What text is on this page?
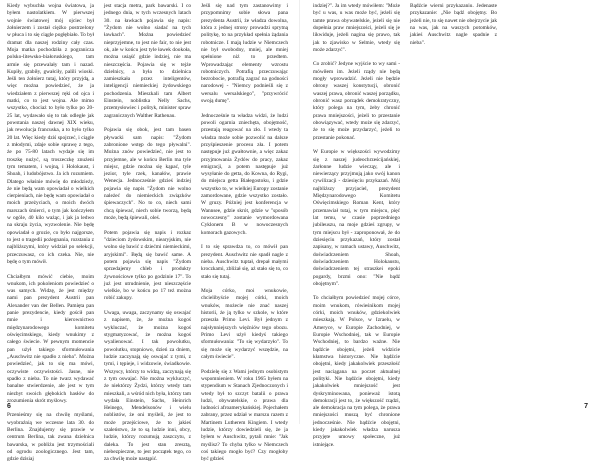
Kiedy wybuchła wojna światowa, ja byłem nastolatkiem. W pierwszej wojnie światowej mój ojciec był żołnierzem i został ciężko postrzelony w płuca i to się ciągle pogłębiało. To był dramat dla naszej rodziny cały czas. Moja matka pochodziła z pogranicza polsko-litewsko-białoruskiego, tam armie się przewalały tam i nazad. Kupiły, grabiły, gwałciły, palili wioski. Jeśli ten żołnierz tutaj, który przyjdą, a więc można powiedzieć, że ja wiedziałem z pierwszej ręki od ojca i matki, co to jest wojna. Ale mimo wszystko, chociaż to było tylko po 20-25 lat, wydawało się to tak odległe jak powstania naszej dawnej XIX wieku, jak rewolucja francuska, a to było tylko 20 lat. Więc kiedy dziś spojrzeć, i ciągle z młodymi, zdaje sobie sprawę z tego, że po 75-80 latach wydaje się im troszkę nużyć, są troszeczkę znużeni tym tematem, i wojną, i Holokaust, i Shoah, i ludobójstwo. Ja ich rozumiem. Dlatego właśnie mówię do młodzieży, że nie będą wam opowiadał o wielkich cierpieniach, nie będę wam opowiadał o moich przeżyciach, o moich dwóch marszach śmierci, o tym jak kończyłem w ogóle, 40 kilo ważąc, i jak ja ledwo na skraju życia, wyzwolenie. Nie będę opowiadał o grozie, co było najgorsze, to jest o tragedii pożegnania, rozstania z najbliższymi, który widział po selekcji, przeczuwasz, co ich czeka. Nie, nie będę o tym mówił.

Chciałbym mówić ciebie, moim wnukom, ich pokoleniom powiedzieć o was samych. Widzę, że jest między nami pan prezydent Austrii pan Alexander van der Bellen. Pamięta pan panie prezydencie, kiedy gościł pan mnie i kierownictwo międzynarodowego komitetu oświęcimskiego, kiedy wnukimy z całego świecie. W pewnym momencie pan użył takiego sformułowania „Auschwitz nie spadło z nieba". Można powiedzieć, jak to się ma mówi, oczywiste oczywistości. Jasne, nie spadło z nieba. To nie twarz wydawać banalne stwierdzenie, ale jest w tym niezbyt swoich głębokich hasłów do zrozumienia skrót myślowy.

Przenieśmy się na chwilę myślami, wyobraźnią we wczesne lata 30. do Berlina. Znajdujemy się prawie w centrum Berlina, tak zwana dzielnica bawarska, w pobliżu jest trzymościali od ogrodu zoologicznego. Jest tam, gdzie dzisiaj

jest stacja metra, park bawarski. I co jednego dnia, w tych wczesnych latach 30. na ławkach pojawia się napis: "Żydom nie wolno siadać na tych ławkach". Można powiedzieć nieprzyjemne, to jest nie fair, to nie jest ok, ale w końcu jest tyle ławek dookoła, można usiąść gdzie indziej, nie ma nieszczęścia. Pojawia się w tejże dzielnicy, a była to dzielnica zamieszkała przez inteligentów, inteligencji niemieckiej żydowskiego pochodzenia. Mieszkali tam Albert Einstein, noblistka Nelly Sachs, przemysłowiec i polityk, minister spraw zagranicznych Walther Rathenau.

Pojawia się obok, jest tam basen pływacki sam napis: "Żydom zabronione wstęp do tego pływalni". Można znów powiedzieć, nie jest to przyjemne, ale w końcu Berlin ma tyle miejsc, gdzie można się kąpać, tyle jezior, tyle rzek, kanałów, prawie Wenecja. Jednocześnie gdzieś indziej pojawia się napis "Żydom nie wolno należeć do niemieckich związków śpiewaczych". No to co, niech sami chcą śpiewać, niech sobie tworzą, będą może, będą śpiewali, oleś.

Potem pojawia się napis i rozkaz "dzieciom żydowskim, niearyjskim, nie wolno się bawić z dziećmi niemieckimi, aryjskimi". Będą się bawić same. A potem pojawia się napis "Żydom sprzedajemy chleb i produkty żywnościowe tylko po godzinie 17". To już jest utrudnienie, jest nieszczęście wielkie, bo w końcu po 17 też można robić zakupy.

Uwaga, uwaga, zaczynamy się oswajać z napisem, że, że można kogoś wykluczać, że można kogoś stygmatyzować, że można kogoś wyalienować. I tak powolutku, powolutku, stopniowo, dzień za dniem, ludzie zaczynają się oswajać z tymi, z tymi, i tępieje, i widzowie, świadkowie. Wszyscy, którzy to widzą, zaczynają się z tym oswajać. Nie można wykluczyć, że niektórzy Żydzi, którzy wtedy tam mieszkali, a wśród nich była, którzy tam wydała Einstein, Sachs, Heinrich Heinego, Mendelsonów i wielu noblistów, że oni myśleli, że jest to może przejściowe, że to jakieś szaleństwo, że to są ludzie inni, obcy, ludzie, którzy rozumują zaszczytu, z daleka. To jest stan zresztą, niebezpieczne, to jest początek tego, co za chwilę może nastąpić.

Jeśli się nad tym zastanowimy i przypomnimy sobie słowa pana prezydenta Austrii, że władza dowolna, która z jednej strony prowadzi sprytną politykę, to na przykład spełnia żądania robotnicze. I mają ludzie w Niemczech nie był swobodny, mniej, ale mniej spełnione niż to przedtem. Wprowadzając elementy wzrostu robotniczych. Potrafią przeczuwając bezrobocie, potrafią zagrać na godności narodowej - "Niemcy podnieśli się z wersalu wersalskiego", "przywrócić swoją dumę".

Jednocześnie ta władza widzi, że ludzi powoli ogarnia zniechęta, obojętność, przestają reagować na zło. I wtedy ta władza może sobie pozwolić na dalsze przyśpieszenie procesu zła. I potem następuje już gwałtownie, a więc zakaz przyjmowania Żydów do pracy, zakaz emigracji, a potem następuje już wysyłanie do getta, do Kowna, do Rygi, do miejsca getta Białegostoku, i gdzie wszystko to, w wielkiej Europy zostanie zamordowane, gdzie wszystko zostało. W gruzy. Później jest konferencja w Wannsee, gdzie skrót, gdzie w "sposób nowoczesny" zostanie wymordowana Cyklonem B w nowoczesnych komorach gazowych.

I to się sprawdza to, co mówił pan prezydent. Auschwitz nie spadł nagle z nieba. Auschwitz tuptał, drepał małymi kroczkami, zbliżał się, aż stało się to, co stało się tutaj.

Moja córko, moi wnukowie, chcielibyście mojej córki, moich wnuków, możecie nie znać naszej historii, że ją tylko w szkole, w które przeszła Primo Levi. Był jednym z najsłynniejszych więźniów tego obozu. Primo Levi użył kiedyś takiego sformułowania: "To się wydarzyło". To się może się wydarzyć wszędzie, na całym świecie".

Podzielę się z Wami jednym osobistym wspomnieniem. W roku 1965 byłem na stypendium w Stanach Zjednoczonych i wtedy był to szczyt batalii o prawa ludzi, obywatelskie, o prawa dla ludności afroamerykańskiej. Pojechałem zabrany, przez udział w marszu razem z Martinem Lutherem Kingiem. I wtedy ludzie, którzy dowiedzieli się, że ja byłem w Auschwitz, pytali mnie: "Jak myślisz? To chyba tylko w Niemczech coś takiego mogło być? Czy mogłoby być gdzieś

6

indziej?". Ja im wtedy mówiłem: "Może być u was, u was może być, jeżeli się tamte prawa obywatelskie, jeżeli się nie dopełnia praw mniejszości, jeżeli się je likwiduje, jeżeli nagina się prawo, tak jak to zjawisko w Selmie, wtedy się może zdarzyć".

Co zrobić? Jedyne wyjście to wy sami - mówiłem im. Jeżeli rządy nie będą mogły wprowadzić. Jeżeli nie będzie obrony waszej konstytucji, obronić waszej prawa, obronić waszej porządku, obronić wasz porządek demokratyczny, który polega na tym, żeby chronić prawa mniejszości, jeżeli to przestanie obowiązywać, wtedy może się zdarzyć, że to się może przydarzyć, jeżeli to przestanie pokonać.

W Europie w większości wywodzimy się z naszej judeochrześcijańskiej, żarłonne ludzie wiecząy, ale i niewierzący przyjmują jako swój kanon cywilizacji - dziesięciu przykazań. Mój najbliższy przyjaciel, prezydent Międzynarodowego Komitetu Oświęcimskiego Roman Kent, który przemawiał tutaj, w tym miejscu, pięć lat temu, w czasie poprzedniego jubileuszu, na moje gdzieś zgrupy, w tym miejscu był - zaproponował, że do dziesięciu przykazań, który został zapisany, w ramach ustawy, Auschwitz, doświadczeniem Shoah, doświadczeniem Holokaustu, doświadczeniem tej straszkei epoki pogardy, brzmi ono: "Nie bądź obojętnym".

To chciałbym powiedzieć mojej córce, moim wnukom, rówieśnikom mojej córki, moich wnuków, gdziekolwiek mieszkają. W Polsce, w Izraelu, w Ameryce, w Europie Zachodniej, w Europie Wschodniej, tak w Europie Wschodniej, to bardzo ważne. Nie bądźcie obojętni, jeżeli widzicie kłamstwa historyczne. Nie bądźcie obojętni, kiedy jakakolwiek przeszłość jest naciągana na poczet aktualnej polityki. Nie bądźcie obojętni, kiedy jakakolwiek mniejszość jest dyskryminowana, ponieważ istotą demokracji jest to, że większość rządzi, ale demokracja na tym polega, że prawa mniejszości muszą być chronione jednocześnie. Nie bądźcie obojętni, kiedy jakakolwiek władza narusza przyjęte umowy społeczne, już istniejące.

Bądźcie wierni przykazaniu. Jedenaste przykazanie: „Nie bądź obojętny. Bo jeżeli nie, to się nawet nie obejrzycie jak na was, jak na waszych potomków, jakieś Auschwitz nagle spadnie z nieba".

7
